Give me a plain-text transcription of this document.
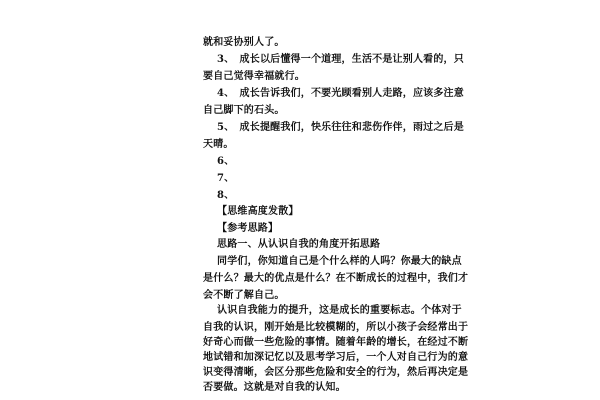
就和妥协别人了。
3、　成长以后懂得一个道理，生活不是让别人看的，只
要自己觉得幸福就行。
4、　成长告诉我们，不要光顾看别人走路，应该多注意
自己脚下的石头。
5、　成长提醒我们，快乐往往和悲伤作伴，雨过之后是
天晴。
6、
7、
8、
【思维高度发散】
【参考思路】
思路一、从认识自我的角度开拓思路
同学们，你知道自己是个什么样的人吗？你最大的缺点
是什么？最大的优点是什么？在不断成长的过程中，我们才
会不断了解自己。
认识自我能力的提升，这是成长的重要标志。个体对于
自我的认识，刚开始是比较模糊的，所以小孩子会经常出于
好奇心而做一些危险的事情。随着年龄的增长，在经过不断
地试错和加深记忆以及思考学习后，一个人对自己行为的意
识变得清晰，会区分那些危险和安全的行为，然后再决定是
否要做。这就是对自我的认知。
